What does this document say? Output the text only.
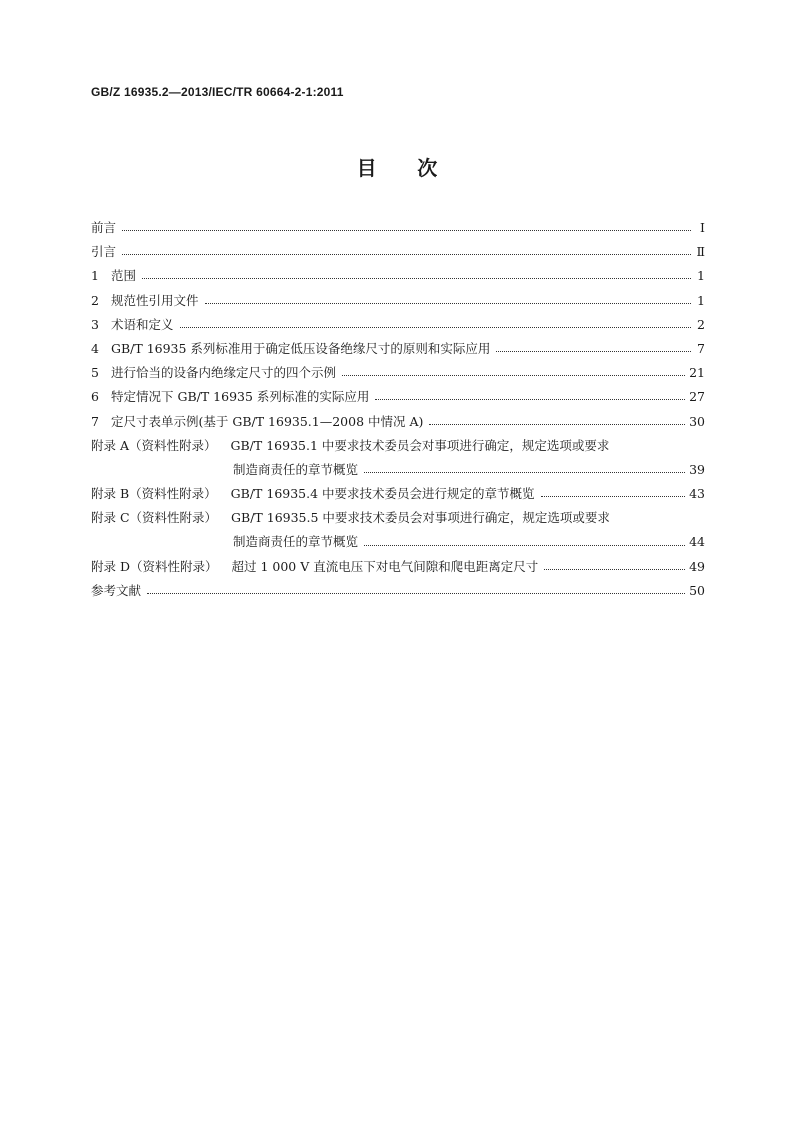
GB/Z 16935.2—2013/IEC/TR 60664-2-1:2011
目　　次
前言	Ⅰ
引言	Ⅱ
1 范围	1
2 规范性引用文件	1
3 术语和定义	2
4 GB/T 16935 系列标准用于确定低压设备绝缘尺寸的原则和实际应用	7
5 进行恰当的设备内绝缘定尺寸的四个示例	21
6 特定情况下 GB/T 16935 系列标准的实际应用	27
7 定尺寸表单示例(基于 GB/T 16935.1—2008 中情况 A)	30
附录 A（资料性附录） GB/T 16935.1 中要求技术委员会对事项进行确定，规定选项或要求
制造商责任的章节概览	39
附录 B（资料性附录） GB/T 16935.4 中要求技术委员会进行规定的章节概览	43
附录 C（资料性附录） GB/T 16935.5 中要求技术委员会对事项进行确定，规定选项或要求
制造商责任的章节概览	44
附录 D（资料性附录） 超过 1 000 V 直流电压下对电气间隙和爬电距离定尺寸	49
参考文献	50
